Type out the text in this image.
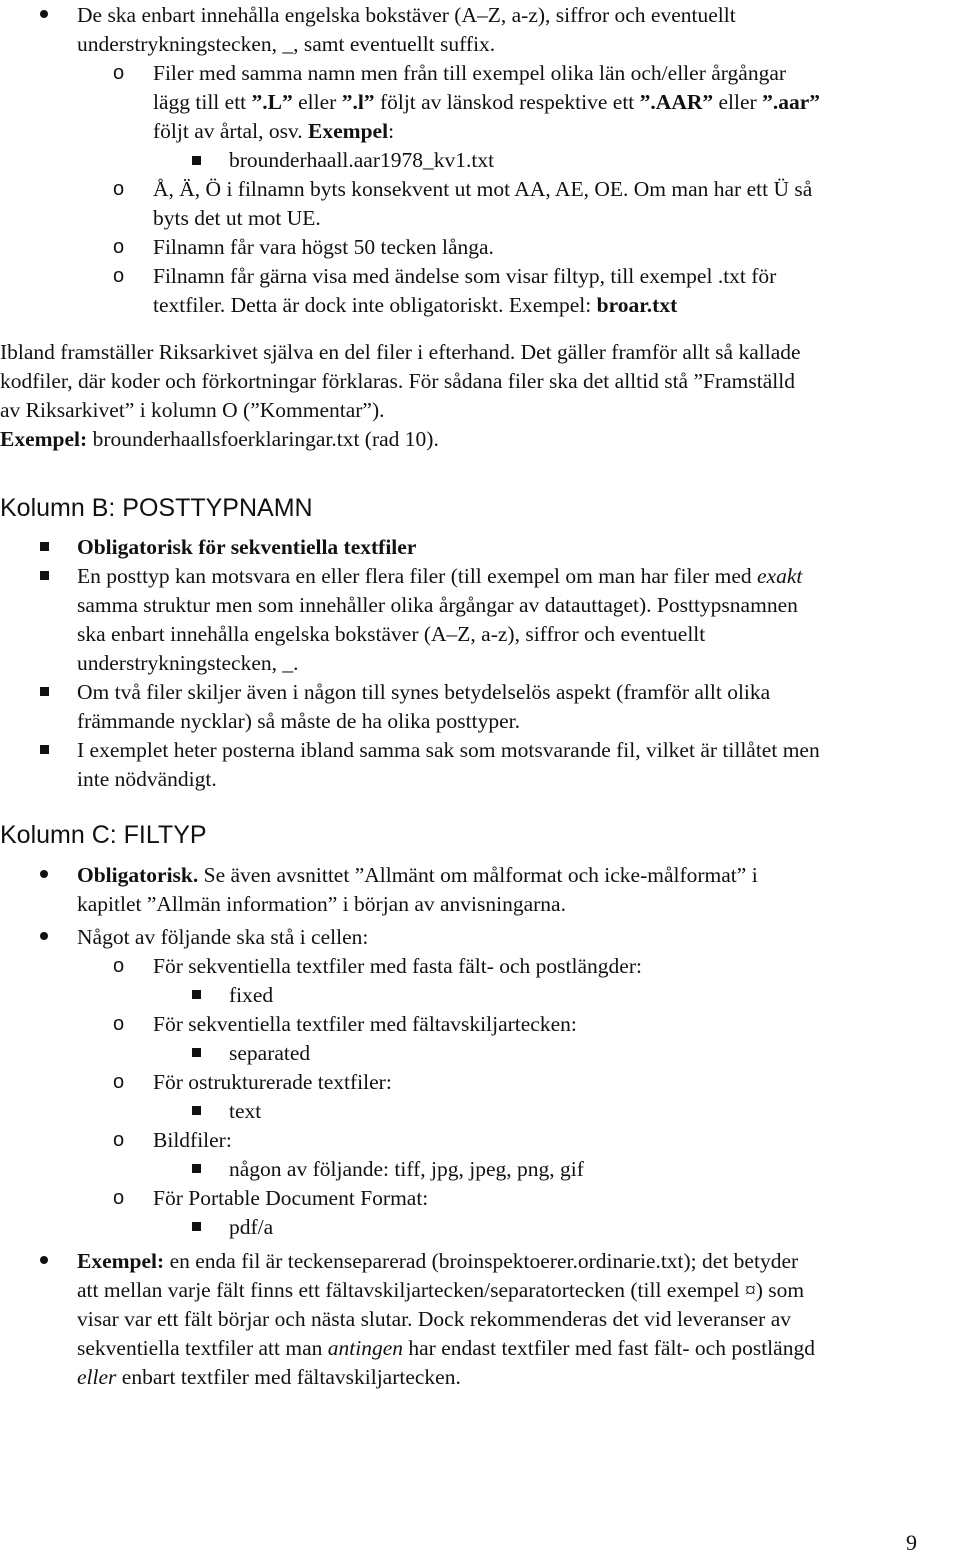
De ska enbart innehålla engelska bokstäver (A–Z, a-z), siffror och eventuellt
understrykningstecken, _, samt eventuellt suffix.
o Filer med samma namn men från till exempel olika län och/eller årgångar
lägg till ett ”.L” eller ”.l” följt av länskod respektive ett ”.AAR” eller ”.aar”
följt av årtal, osv. Exempel:
brounderhaall.aar1978_kv1.txt
o Å, Ä, Ö i filnamn byts konsekvent ut mot AA, AE, OE. Om man har ett Ü så
byts det ut mot UE.
o Filnamn får vara högst 50 tecken långa.
o Filnamn får gärna visa med ändelse som visar filtyp, till exempel .txt för
textfiler. Detta är dock inte obligatoriskt. Exempel: broar.txt
Ibland framställer Riksarkivet själva en del filer i efterhand. Det gäller framför allt så kallade
kodfiler, där koder och förkortningar förklaras. För sådana filer ska det alltid stå ”Framställd
av Riksarkivet” i kolumn O (”Kommentar”).
Exempel: brounderhaallsfoerklaringar.txt (rad 10).
Kolumn B: POSTTYPNAMN
Obligatorisk för sekventiella textfiler
En posttyp kan motsvara en eller flera filer (till exempel om man har filer med exakt
samma struktur men som innehåller olika årgångar av datauttaget). Posttypsnamnen
ska enbart innehålla engelska bokstäver (A–Z, a-z), siffror och eventuellt
understrykningstecken, _.
Om två filer skiljer även i någon till synes betydelselös aspekt (framför allt olika
främmande nycklar) så måste de ha olika posttyper.
I exemplet heter posterna ibland samma sak som motsvarande fil, vilket är tillåtet men
inte nödvändigt.
Kolumn C: FILTYP
Obligatorisk. Se även avsnittet ”Allmänt om målformat och icke-målformat” i
kapitlet ”Allmän information” i början av anvisningarna.
Något av följande ska stå i cellen:
o För sekventiella textfiler med fasta fält- och postlängder:
fixed
o För sekventiella textfiler med fältavskiljartecken:
separated
o För ostrukturerade textfiler:
text
o Bildfiler:
någon av följande: tiff, jpg, jpeg, png, gif
o För Portable Document Format:
pdf/a
Exempel: en enda fil är teckenseparerad (broinspektoerer.ordinarie.txt); det betyder
att mellan varje fält finns ett fältavskiljartecken/separatortecken (till exempel ¤) som
visar var ett fält börjar och nästa slutar. Dock rekommenderas det vid leveranser av
sekventiella textfiler att man antingen har endast textfiler med fast fält- och postlängd
eller enbart textfiler med fältavskiljartecken.
9
